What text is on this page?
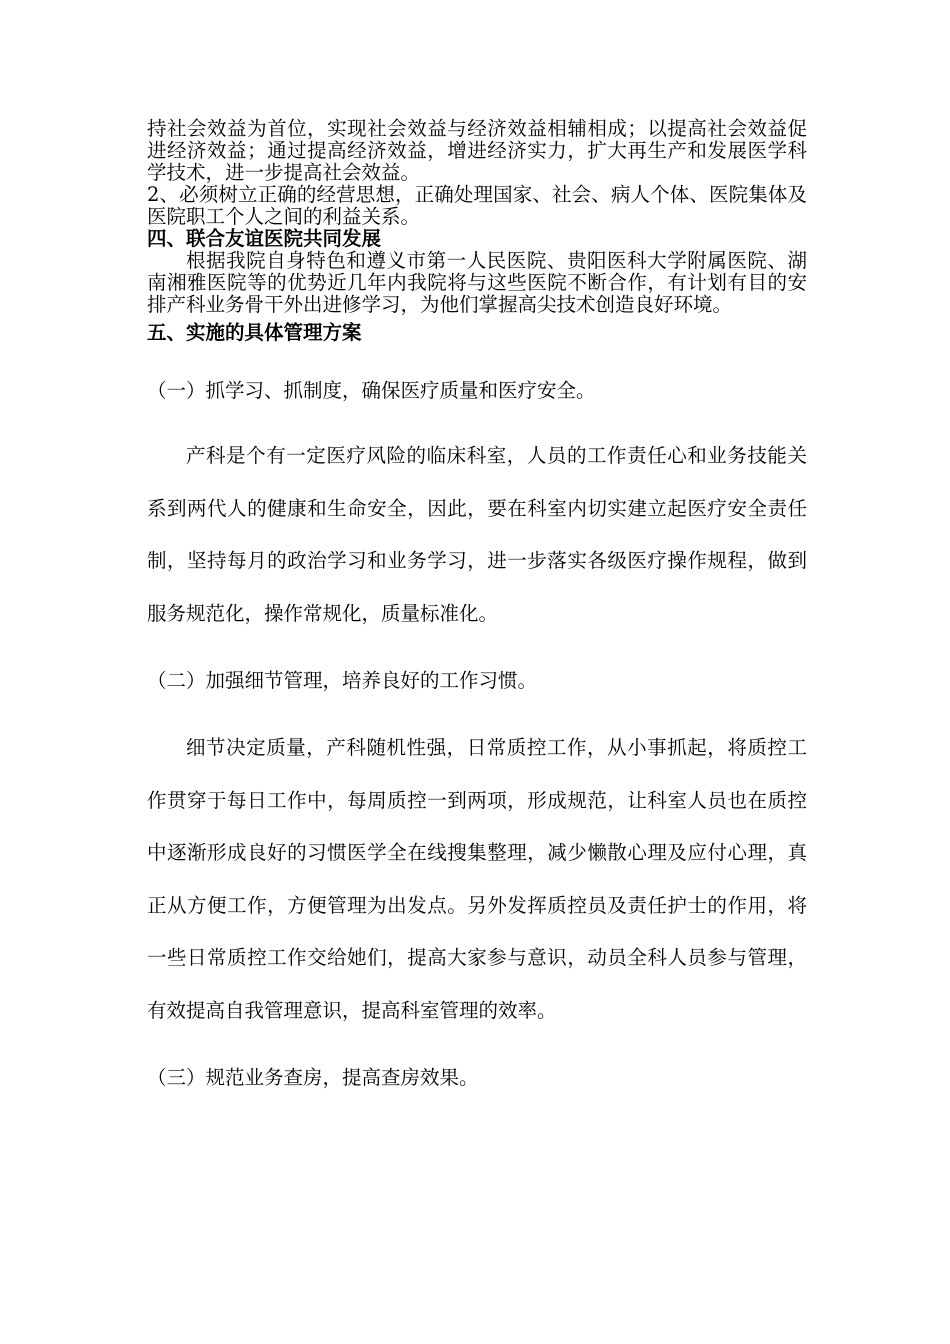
持社会效益为首位，实现社会效益与经济效益相辅相成；以提高社会效益促进经济效益；通过提高经济效益，增进经济实力，扩大再生产和发展医学科学技术，进一步提高社会效益。

2、必须树立正确的经营思想，正确处理国家、社会、病人个体、医院集体及医院职工个人之间的利益关系。

四、联合友谊医院共同发展

根据我院自身特色和遵义市第一人民医院、贵阳医科大学附属医院、湖南湘雅医院等的优势近几年内我院将与这些医院不断合作，有计划有目的安排产科业务骨干外出进修学习，为他们掌握高尖技术创造良好环境。

五、实施的具体管理方案

（一）抓学习、抓制度，确保医疗质量和医疗安全。

产科是个有一定医疗风险的临床科室，人员的工作责任心和业务技能关系到两代人的健康和生命安全，因此，要在科室内切实建立起医疗安全责任制，坚持每月的政治学习和业务学习，进一步落实各级医疗操作规程，做到服务规范化，操作常规化，质量标准化。

（二）加强细节管理，培养良好的工作习惯。

细节决定质量，产科随机性强，日常质控工作，从小事抓起，将质控工作贯穿于每日工作中，每周质控一到两项，形成规范，让科室人员也在质控中逐渐形成良好的习惯医学全在线搜集整理，减少懒散心理及应付心理，真正从方便工作，方便管理为出发点。另外发挥质控员及责任护士的作用，将一些日常质控工作交给她们，提高大家参与意识，动员全科人员参与管理，有效提高自我管理意识，提高科室管理的效率。

（三）规范业务查房，提高查房效果。
